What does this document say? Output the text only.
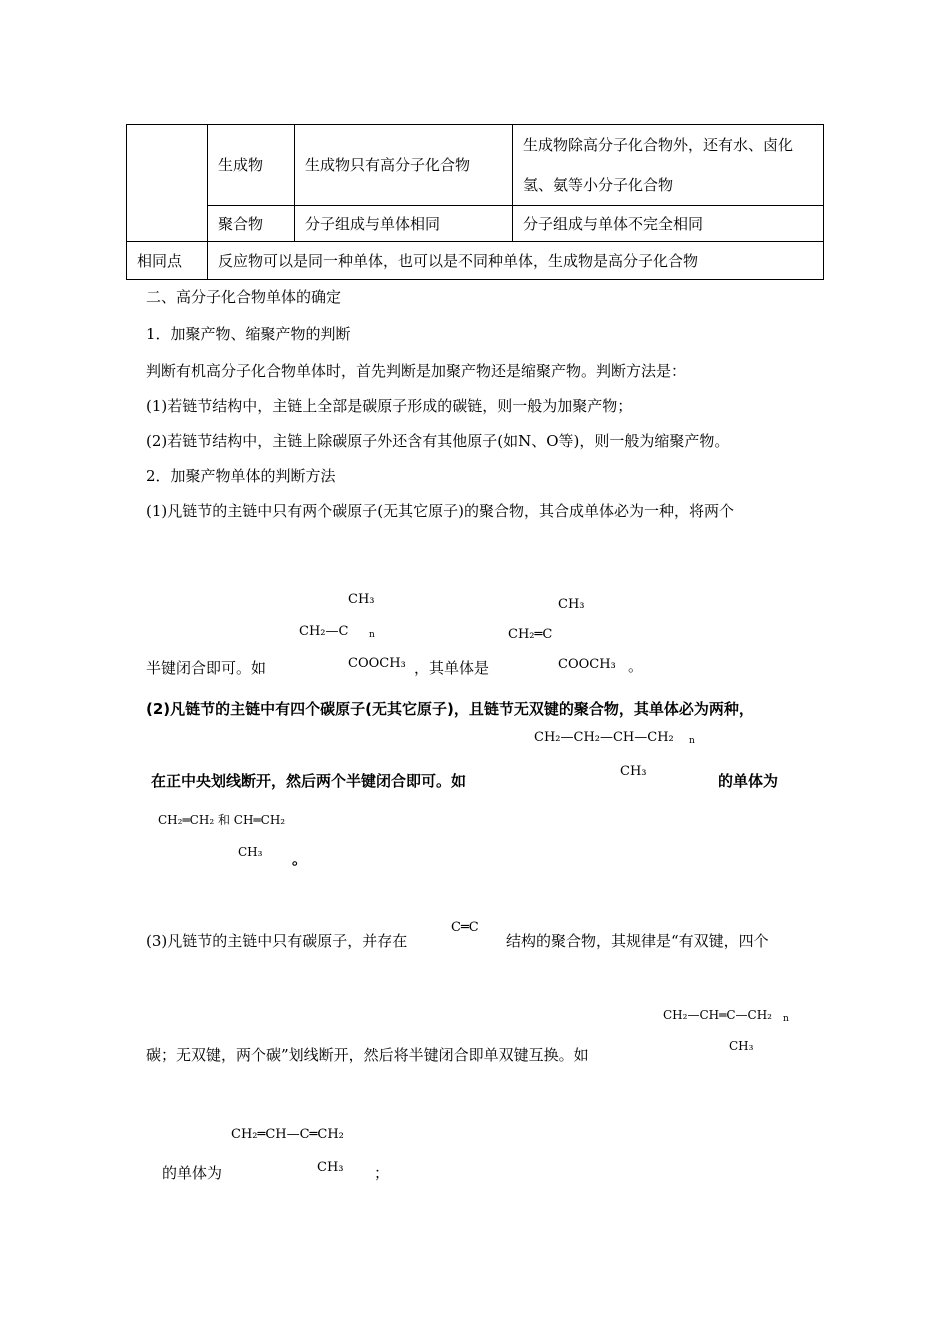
	生成物	生成物只有高分子化合物	生成物除高分子化合物外，还有水、卤化氢、氨等小分子化合物
	聚合物	分子组成与单体相同	分子组成与单体不完全相同
相同点	反应物可以是同一种单体，也可以是不同种单体，生成物是高分子化合物		
二、高分子化合物单体的确定
1．加聚产物、缩聚产物的判断
判断有机高分子化合物单体时，首先判断是加聚产物还是缩聚产物。判断方法是：
(1)若链节结构中，主链上全部是碳原子形成的碳链，则一般为加聚产物；
(2)若链节结构中，主链上除碳原子外还含有其他原子(如N、O等)，则一般为缩聚产物。
2．加聚产物单体的判断方法
(1)凡链节的主链中只有两个碳原子(无其它原子)的聚合物，其合成单体必为一种，将两个
半键闭合即可。如	，其单体是	。
CH₃
CH₂—C n
COOCH₃
CH₃
CH₂═C
COOCH₃
(2)凡链节的主链中有四个碳原子(无其它原子)，且链节无双键的聚合物，其单体必为两种，
在正中央划线断开，然后两个半键闭合即可。如	的单体为
CH₂—CH₂—CH—CH₂ n
CH₃
CH₂═CH₂ 和 CH═CH₂
CH₃ 。
(3)凡链节的主链中只有碳原子，并存在
C═C
结构的聚合物，其规律是“有双键，四个
CH₂—CH═C—CH₂ n
CH₃
碳；无双键，两个碳”划线断开，然后将半键闭合即单双键互换。如
CH₂═CH—C═CH₂
CH₃
的单体为	；
